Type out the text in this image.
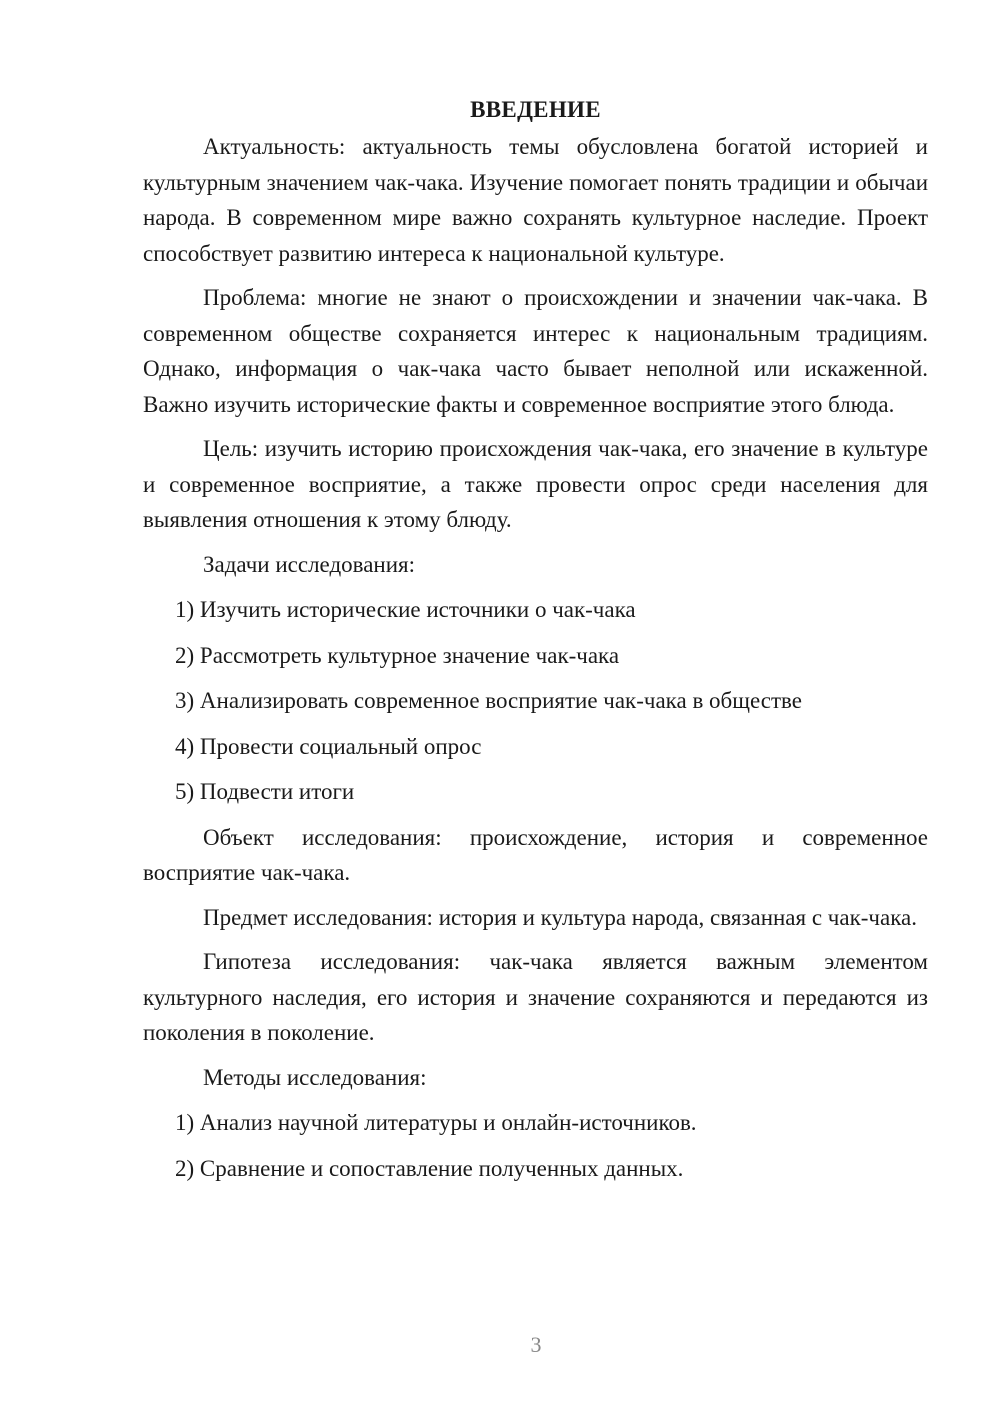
ВВЕДЕНИЕ

Актуальность: актуальность темы обусловлена богатой историей и культурным значением чак-чака. Изучение помогает понять традиции и обычаи народа. В современном мире важно сохранять культурное наследие. Проект способствует развитию интереса к национальной культуре.

Проблема: многие не знают о происхождении и значении чак-чака. В современном обществе сохраняется интерес к национальным традициям. Однако, информация о чак-чака часто бывает неполной или искаженной. Важно изучить исторические факты и современное восприятие этого блюда.

Цель: изучить историю происхождения чак-чака, его значение в культуре и современное восприятие, а также провести опрос среди населения для выявления отношения к этому блюду.

Задачи исследования:

1) Изучить исторические источники о чак-чака
2) Рассмотреть культурное значение чак-чака
3) Анализировать современное восприятие чак-чака в обществе
4) Провести социальный опрос
5) Подвести итоги

Объект исследования: происхождение, история и современное восприятие чак-чака.

Предмет исследования: история и культура народа, связанная с чак-чака.

Гипотеза исследования: чак-чака является важным элементом культурного наследия, его история и значение сохраняются и передаются из поколения в поколение.

Методы исследования:

1) Анализ научной литературы и онлайн-источников.
2) Сравнение и сопоставление полученных данных.
3
